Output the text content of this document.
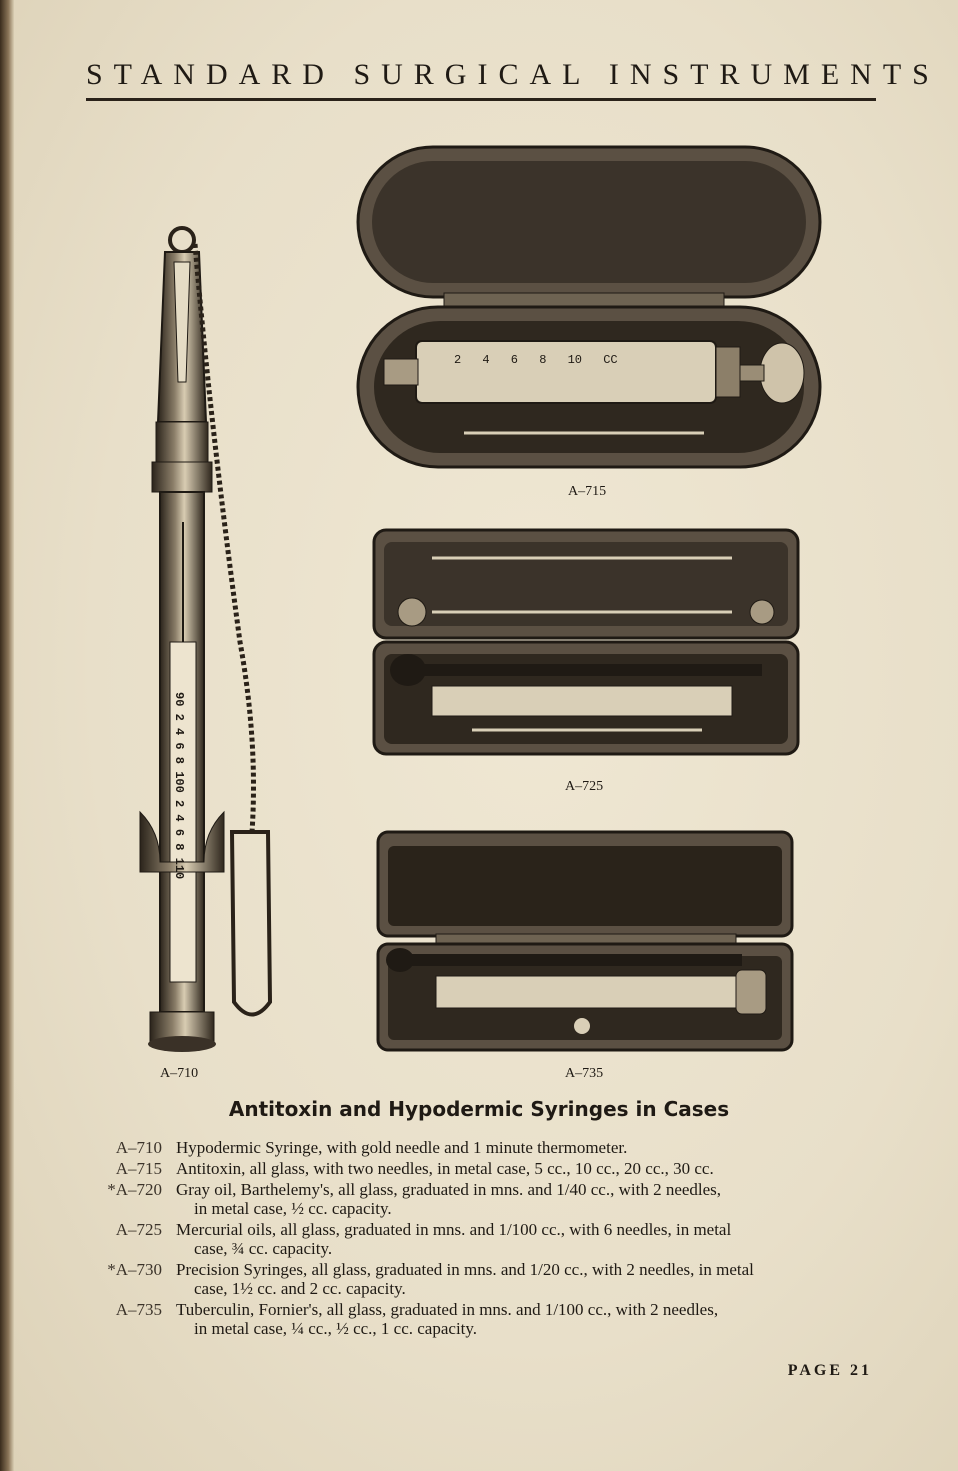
STANDARD SURGICAL INSTRUMENTS
90 2 4 6 8 100 2 4 6 8 110
A–710
2 4 6 8 10 CC
A–715
A–725
A–735
Antitoxin and Hypodermic Syringes in Cases
A–710 Hypodermic Syringe, with gold needle and 1 minute thermometer.
A–715 Antitoxin, all glass, with two needles, in metal case, 5 cc., 10 cc., 20 cc., 30 cc.
*A–720 Gray oil, Barthelemy's, all glass, graduated in mns. and 1/40 cc., with 2 needles,
in metal case, ½ cc. capacity.
A–725 Mercurial oils, all glass, graduated in mns. and 1/100 cc., with 6 needles, in metal
case, ¾ cc. capacity.
*A–730 Precision Syringes, all glass, graduated in mns. and 1/20 cc., with 2 needles, in metal
case, 1½ cc. and 2 cc. capacity.
A–735 Tuberculin, Fornier's, all glass, graduated in mns. and 1/100 cc., with 2 needles,
in metal case, ¼ cc., ½ cc., 1 cc. capacity.
PAGE 21
